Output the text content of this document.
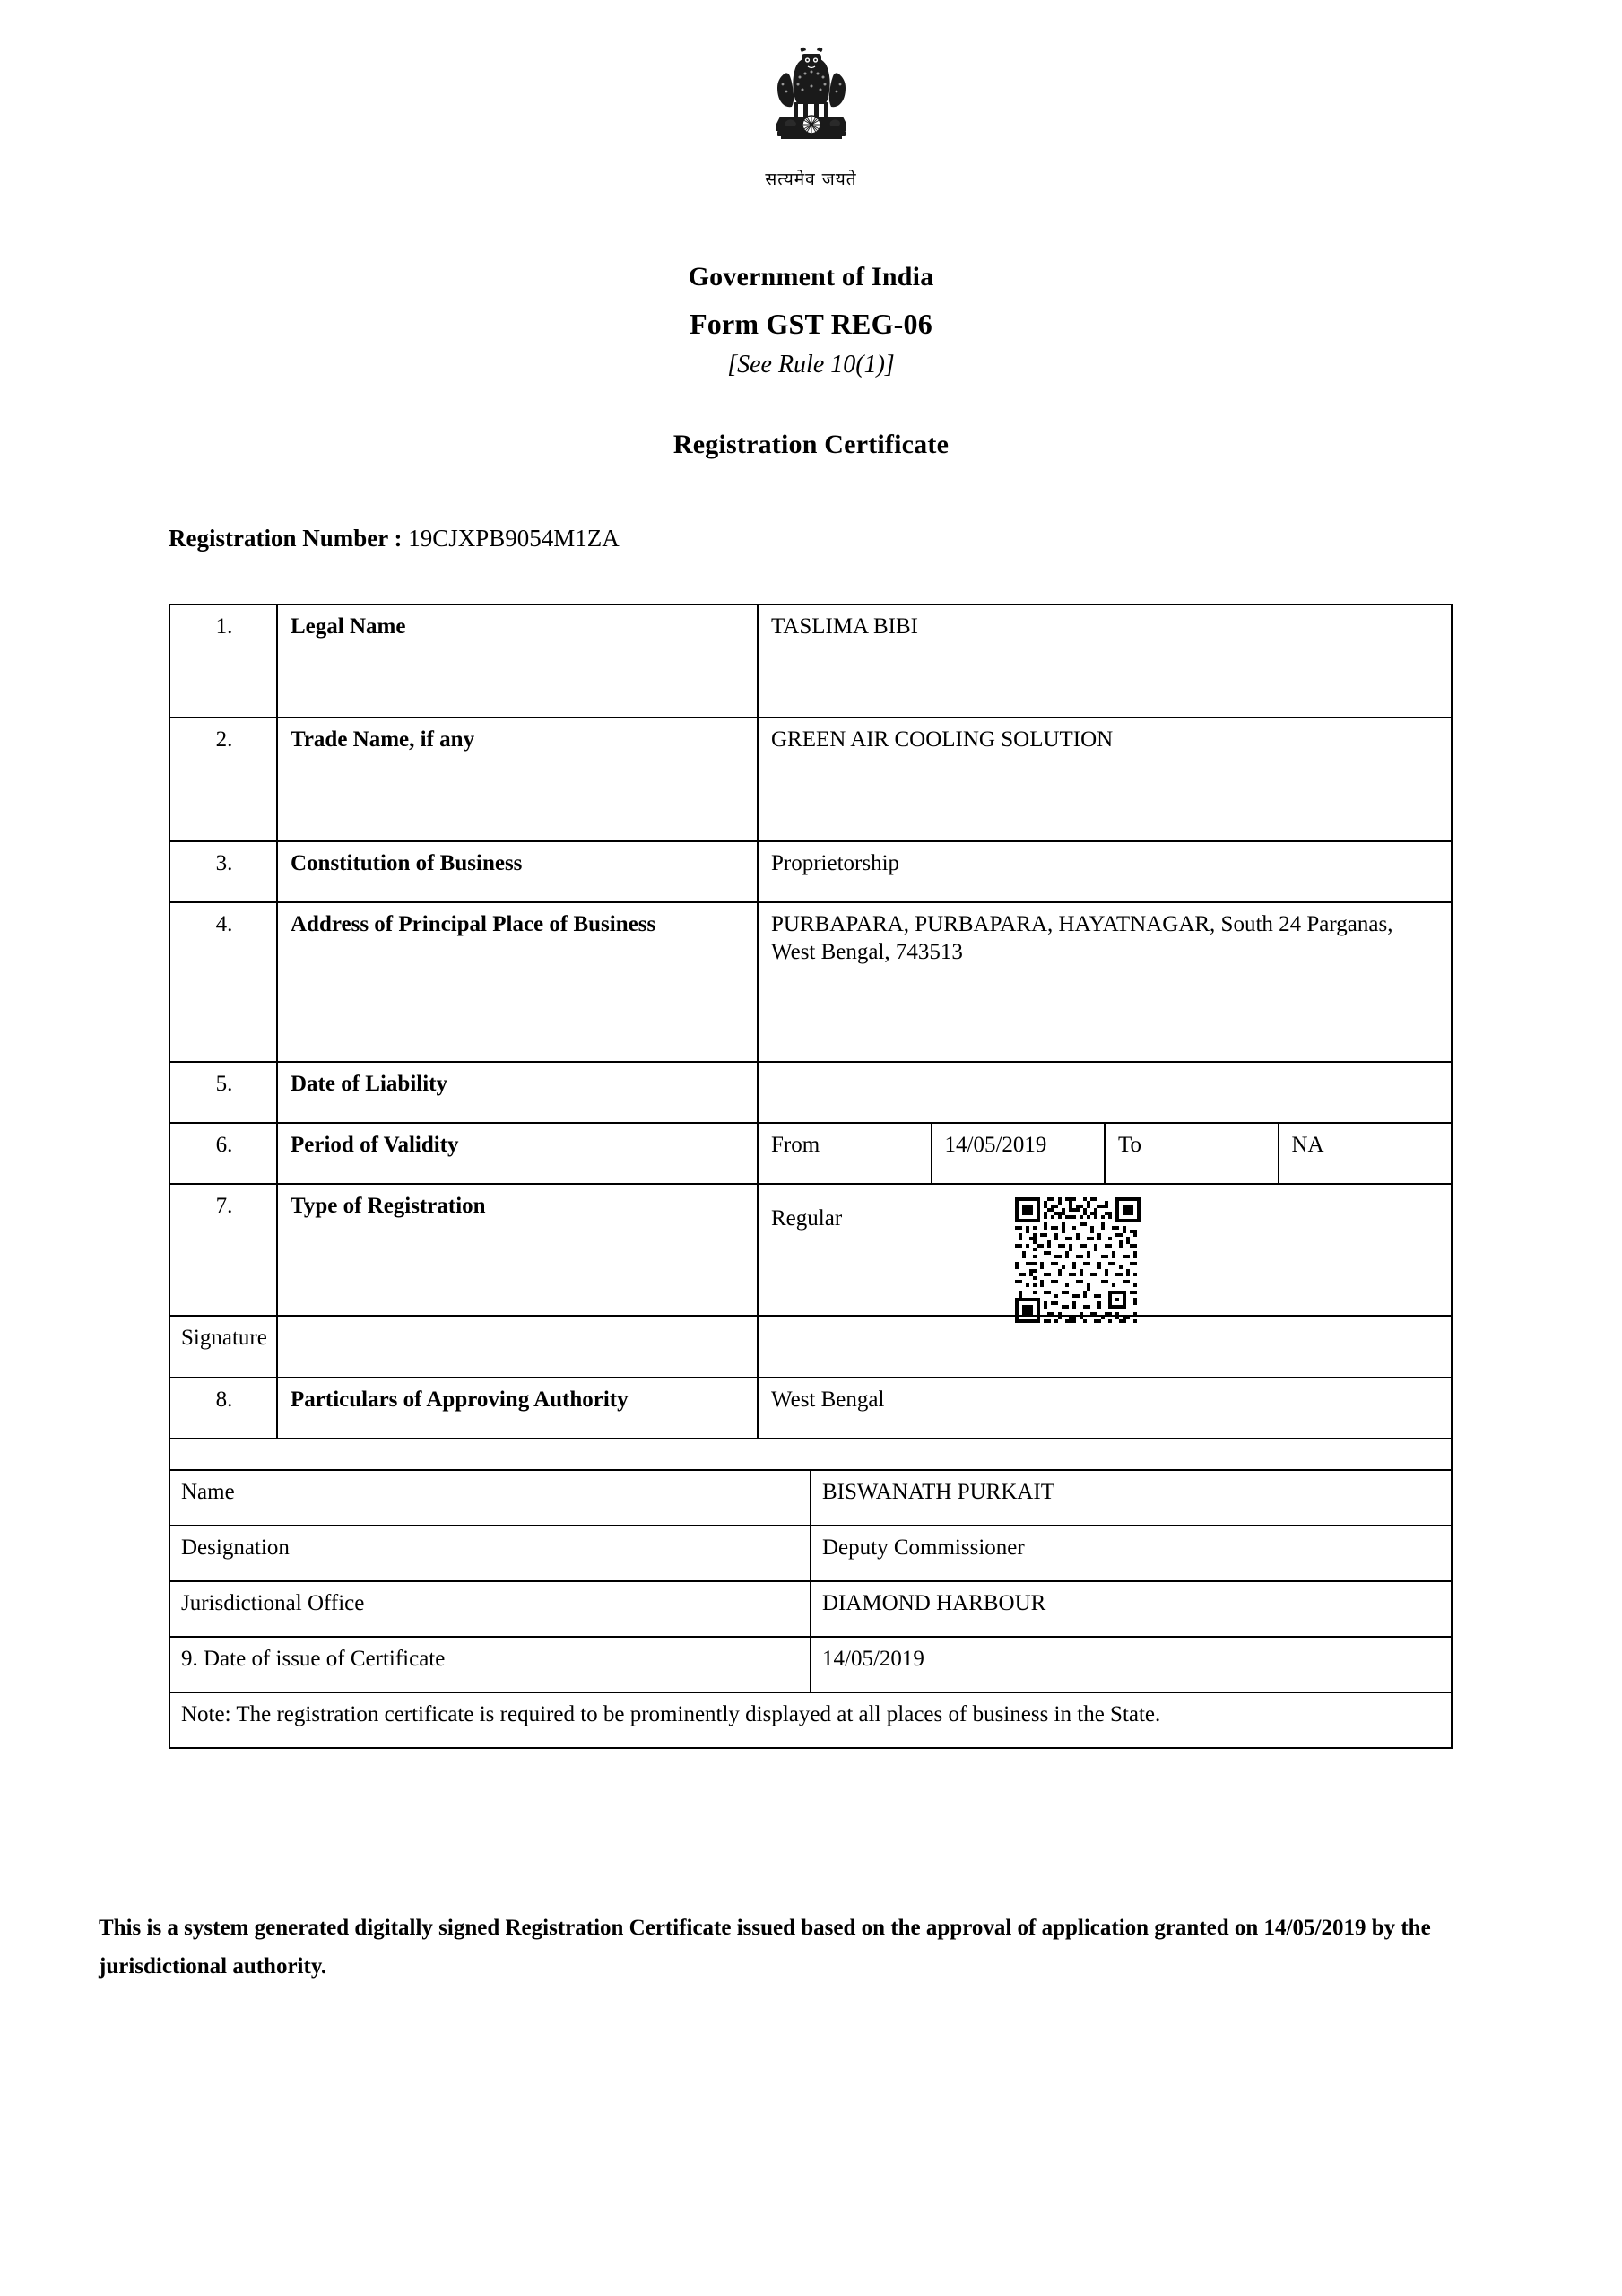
सत्यमेव जयते
Government of India
Form GST REG-06
[See Rule 10(1)]
Registration Certificate
Registration Number : 19CJXPB9054M1ZA
1.	Legal Name	TASLIMA BIBI			
2.	Trade Name, if any	GREEN AIR COOLING SOLUTION			
3.	Constitution of Business	Proprietorship			
4.	Address of Principal Place of Business	PURBAPARA, PURBAPARA, HAYATNAGAR, South 24 Parganas, West Bengal, 743513			
5.	Date of Liability				
6.	Period of Validity	From	14/05/2019	To	NA
7.	Type of Registration	Regular			

8.	Particulars of Approving Authority	West Bengal			
Signature	
Name	BISWANATH PURKAIT
Designation	Deputy Commissioner
Jurisdictional Office	DIAMOND HARBOUR
9. Date of issue of Certificate	14/05/2019
Note: The registration certificate is required to be prominently displayed at all places of business in the State.	
This is a system generated digitally signed Registration Certificate issued based on the approval of application granted on 14/05/2019 by the jurisdictional authority.
